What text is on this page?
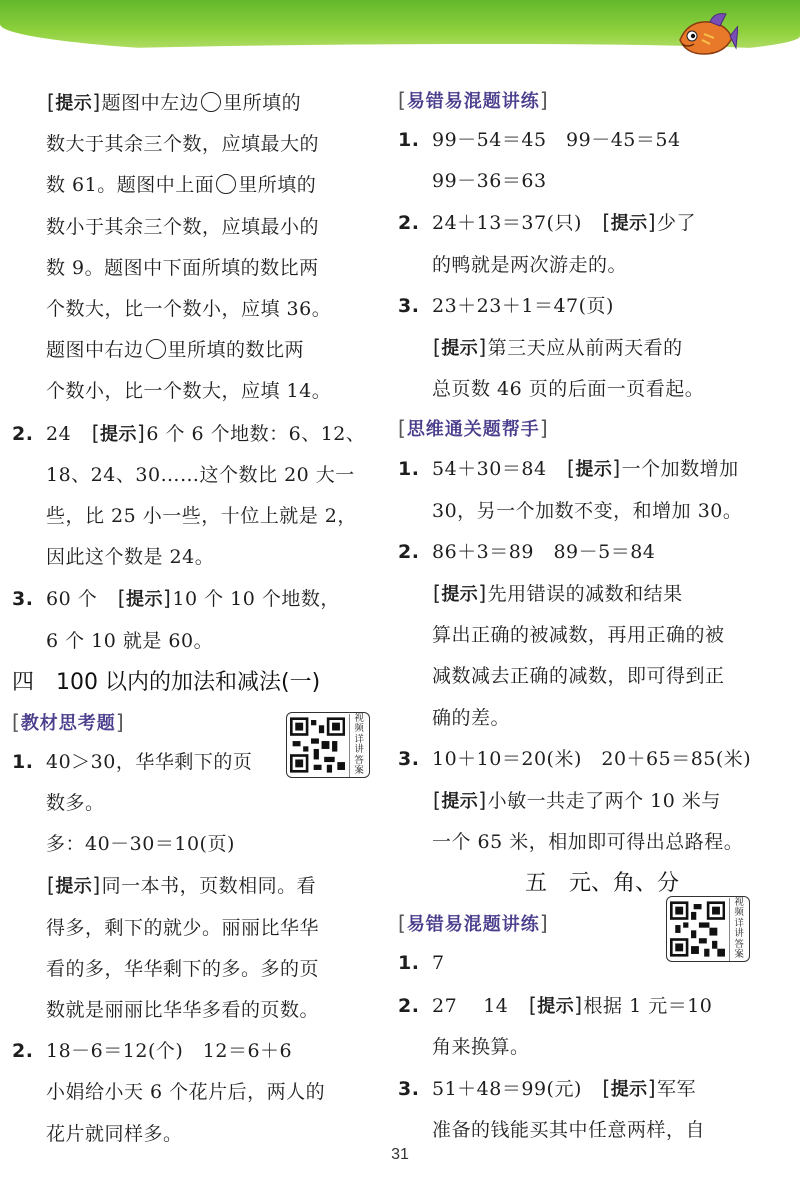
[提示]题图中左边 里所填的
数大于其余三个数，应填最大的
数 61。题图中上面 里所填的
数小于其余三个数，应填最小的
数 9。题图中下面所填的数比两
个数大，比一个数小，应填 36。
题图中右边 里所填的数比两
个数小，比一个数大，应填 14。
2. 24　 [提示]6 个 6 个地数：6、12、
18、24、30……这个数比 20 大一
些，比 25 小一些，十位上就是 2，
因此这个数是 24。
3. 60 个　 [提示]10 个 10 个地数，
6 个 10 就是 60。
四　100 以内的加法和减法(一)
[教材思考题]
1. 40＞30，华华剩下的页
数多。
多：40－30＝10(页)
[提示]同一本书，页数相同。看
得多，剩下的就少。丽丽比华华
看的多，华华剩下的多。多的页
数就是丽丽比华华多看的页数。
2. 18－6＝12(个)　12＝6＋6
小娟给小天 6 个花片后，两人的
花片就同样多。
视频详讲答案
[易错易混题讲练]
1. 99－54＝45　99－45＝54
99－36＝63
2. 24＋13＝37(只)　 [提示]少了
的鸭就是两次游走的。
3. 23＋23＋1＝47(页)
[提示]第三天应从前两天看的
总页数 46 页的后面一页看起。
[思维通关题帮手]
1. 54＋30＝84　 [提示]一个加数增加
30，另一个加数不变，和增加 30。
2. 86＋3＝89　89－5＝84
[提示]先用错误的减数和结果
算出正确的被减数，再用正确的被
减数减去正确的减数，即可得到正
确的差。
3. 10＋10＝20(米)　20＋65＝85(米)
[提示]小敏一共走了两个 10 米与
一个 65 米，相加即可得出总路程。
五　元、角、分
[易错易混题讲练]
1. 7
2. 27　 14　 [提示]根据 1 元＝10
角来换算。
3. 51＋48＝99(元)　 [提示]军军
准备的钱能买其中任意两样，自
视频详讲答案
31
